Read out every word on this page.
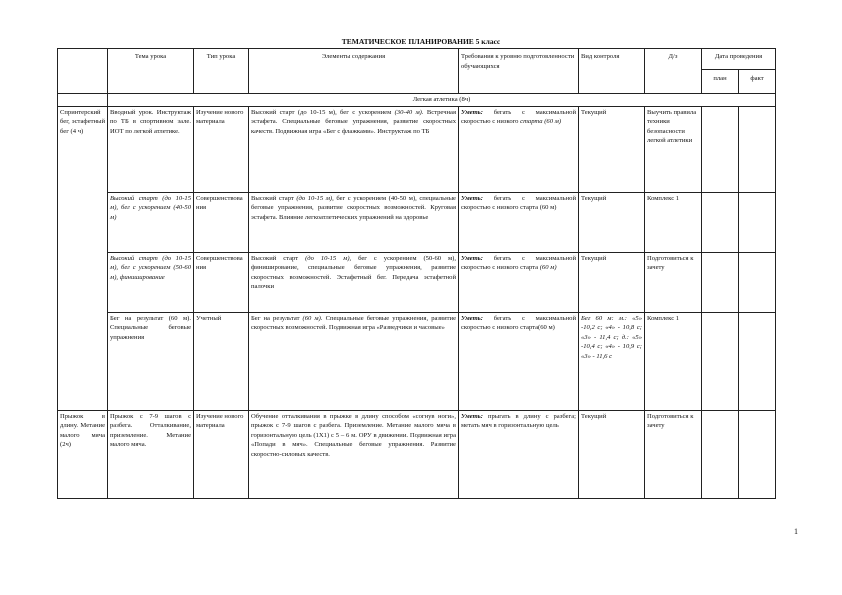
ТЕМАТИЧЕСКОЕ ПЛАНИРОВАНИЕ 5 класс
	Тема урока	Тип урока	Элементы содержания	Требования к уровню подготовленности обучающихся	Вид контроля	Д/з	Дата проведения	
							план	факт
	Легкая атлетика (8ч)							
Спринтерский бег, эстафетный бег (4 ч)	Вводный урок. Инструктаж по ТБ в спортивном зале. ИОТ по легкой атлетике.	Изучение нового материала	Высокий старт (до 10-15 м), бег с ускорением (30-40 м). Встречная эстафета. Специальные беговые упражнения, развитие скоростных качеств. Подвижная игра «Бег с флажками». Инструктаж по ТБ	Уметь: бегать с максимальной скоростью с низкого старта (60 м)	Текущий	Выучить правила техники безопасности легкой атлетики		
	Высокий старт (до 10-15 м), бег с ускорением (40-50 м)	Совершенствования	Высокий старт (до 10-15 м), бег с ускорением (40-50 м), специальные беговые упражнения, развитие скоростных возможностей. Круговая эстафета. Влияние легкоатлетических упражнений на здоровье	Уметь: бегать с максимальной скоростью с низкого старта (60 м)	Текущий	Комплекс 1		
	Высокий старт (до 10-15 м), бег с ускорением (50-60 м), финиширование	Совершенствования	Высокий старт (до 10-15 м), бег с ускорением (50-60 м), финиширование, специальные беговые упражнения, развитие скоростных возможностей. Эстафетный бег. Передача эстафетной палочки	Уметь: бегать с максимальной скоростью с низкого старта (60 м)	Текущий	Подготовиться к зачету		
	Бег на результат (60 м). Специальные беговые упражнения	Учетный	Бег на результат (60 м). Специальные беговые упражнения, развитие скоростных возможностей. Подвижная игра «Разведчики и часовые»	Уметь: бегать с максимальной скоростью с низкого старта(60 м)	Бег 60 м: м.: «5» -10,2 с; «4» - 10,8 с; «3» - 11,4 с; д.: «5» -10,4 с; «4» - 10,9 с; «3» - 11,6 с	Комплекс 1		
Прыжок в длину. Метание малого мяча (2ч)	Прыжок с 7-9 шагов с разбега. Отталкивание, приземление. Метание малого мяча.	Изучение нового материала	Обучение отталкивания в прыжке в длину способом «согнув ноги», прыжок с 7-9 шагов с разбега. Приземление. Метание малого мяча в горизонтальную цель (1Х1) с 5 – 6 м. ОРУ в движении. Подвижная игра «Попади в мяч». Специальные беговые упражнения. Развитие скоростно-силовых качеств.	Уметь: прыгать в длину с разбега; метать мяч в горизонтальную цель	Текущий	Подготовиться к зачету		
1
